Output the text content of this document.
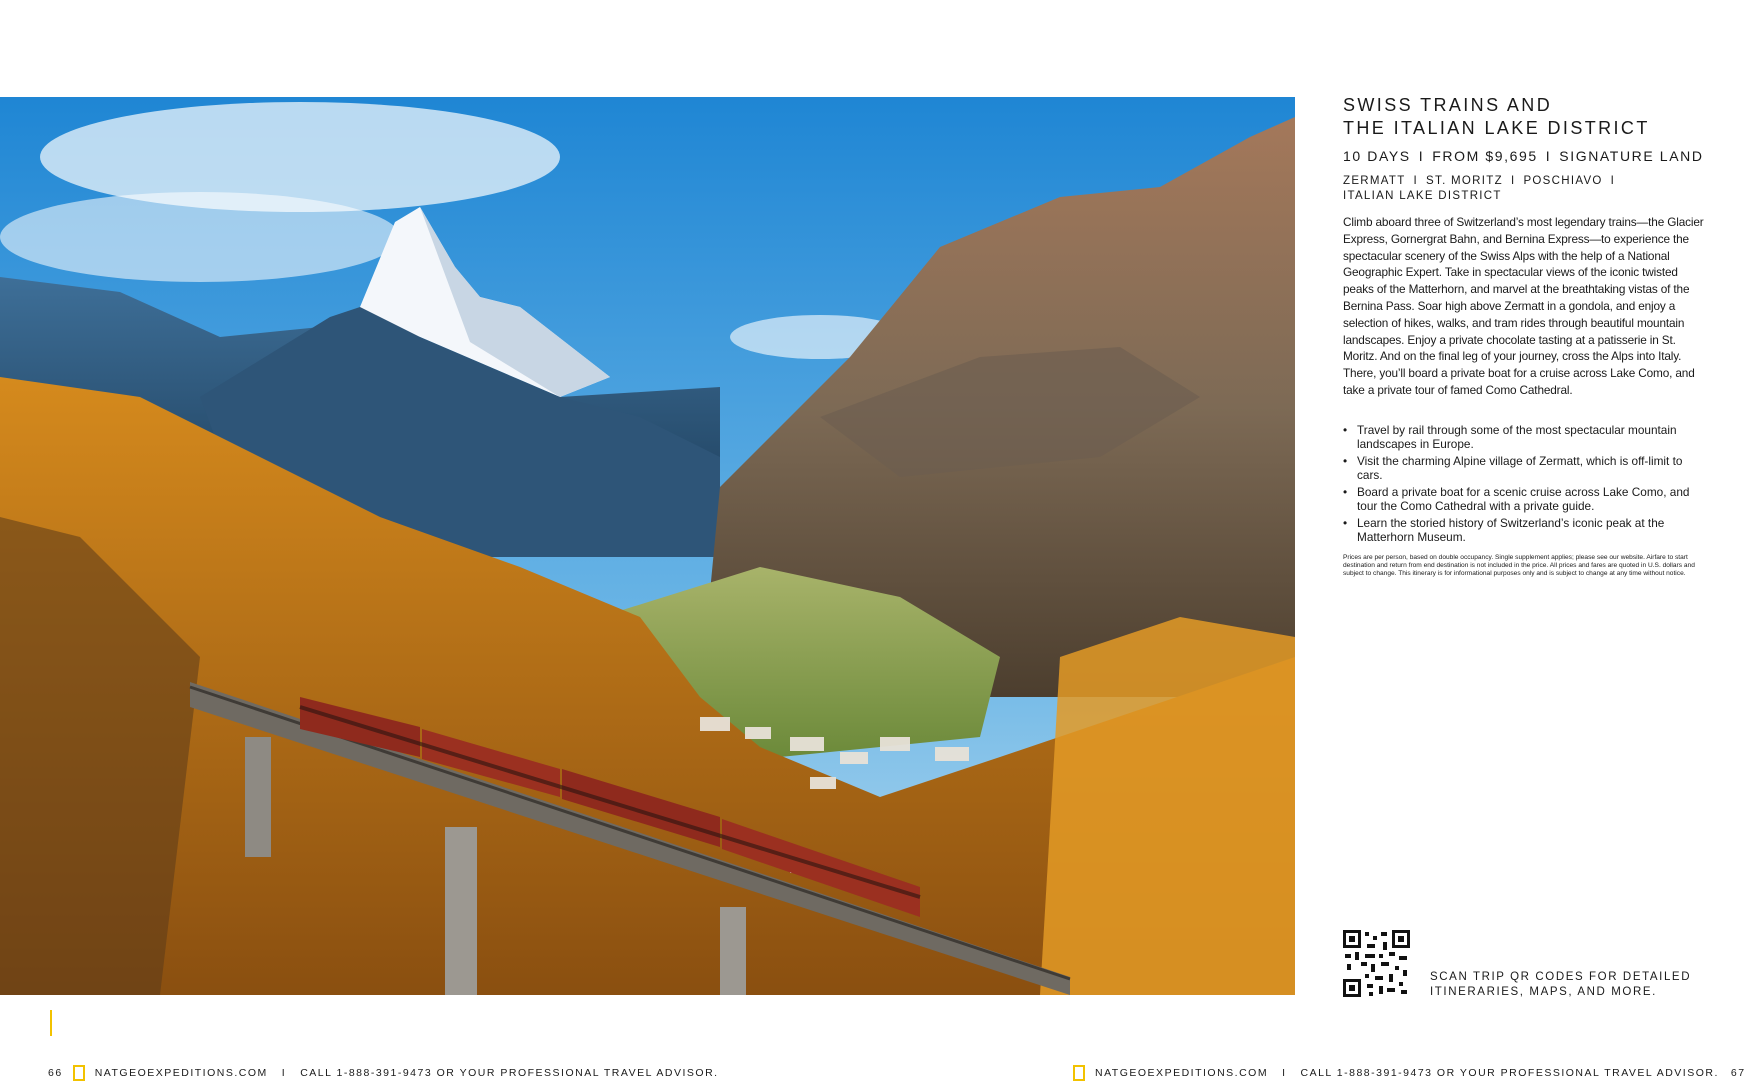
THE GLACIER EXPRESS CROSSES THE FINDELBACH BRIDGE.
Zermatt, Switzerland
SWISS TRAINS AND
THE ITALIAN LAKE DISTRICT
10 DAYS I FROM $9,695 I SIGNATURE LAND
ZERMATT I ST. MORITZ I POSCHIAVO I
ITALIAN LAKE DISTRICT

Climb aboard three of Switzerland’s most legendary trains—the Glacier Express, Gornergrat Bahn, and Bernina Express—to experience the spectacular scenery of the Swiss Alps with the help of a National Geographic Expert. Take in spectacular views of the iconic twisted peaks of the Matterhorn, and marvel at the breathtaking vistas of the Bernina Pass. Soar high above Zermatt in a gondola, and enjoy a selection of hikes, walks, and tram rides through beautiful mountain landscapes. Enjoy a private chocolate tasting at a patisserie in St. Moritz. And on the final leg of your journey, cross the Alps into Italy. There, you’ll board a private boat for a cruise across Lake Como, and take a private tour of famed Como Cathedral.

• Travel by rail through some of the most spectacular mountain landscapes in Europe.
• Visit the charming Alpine village of Zermatt, which is off-limit to cars.
• Board a private boat for a scenic cruise across Lake Como, and tour the Como Cathedral with a private guide.
• Learn the storied history of Switzerland’s iconic peak at the Matterhorn Museum.

Prices are per person, based on double occupancy. Single supplement applies; please see our website. Airfare to start destination and return from end destination is not included in the price. All prices and fares are quoted in U.S. dollars and subject to change. This itinerary is for informational purposes only and is subject to change at any time without notice.

SCAN TRIP QR CODES FOR DETAILED
ITINERARIES, MAPS, AND MORE.
66	NATGEOEXPEDITIONS.COM I CALL 1-888-391-9473 OR YOUR PROFESSIONAL TRAVEL ADVISOR.	NATGEOEXPEDITIONS.COM I CALL 1-888-391-9473 OR YOUR PROFESSIONAL TRAVEL ADVISOR. 67
